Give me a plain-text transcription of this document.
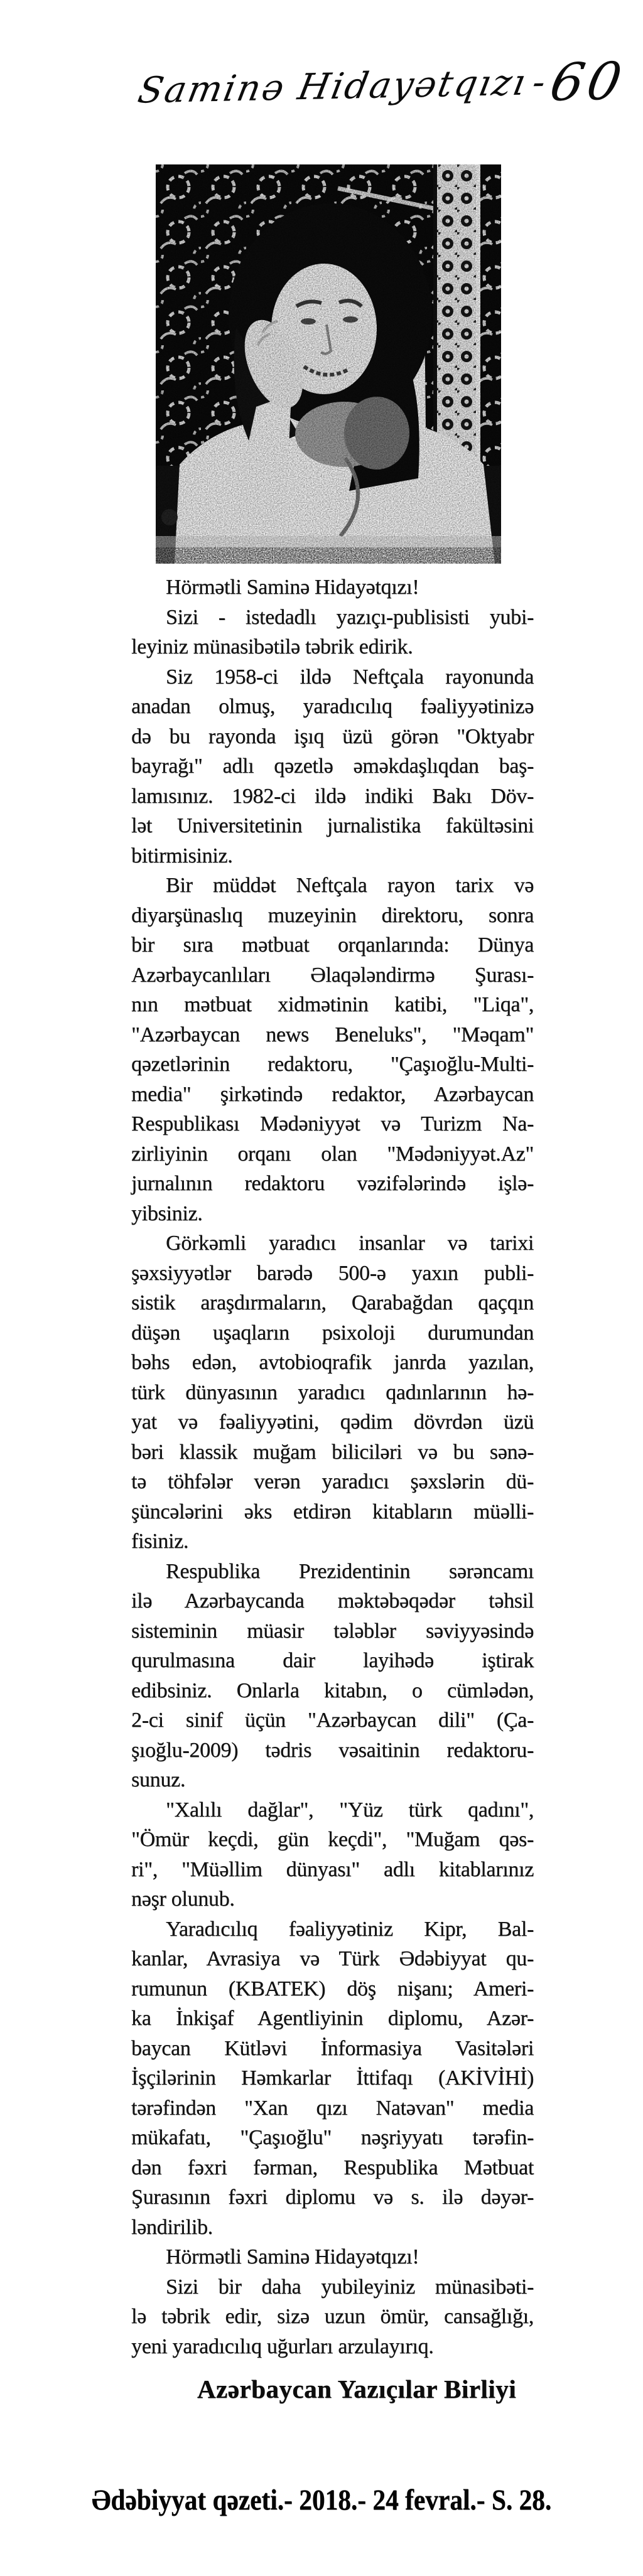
Saminə Hidayətqızı-60
Hörmətli Saminə Hidayətqızı!
Sizi - istedadlı yazıçı-publisisti yubi-
leyiniz münasibətilə təbrik edirik.
Siz 1958-ci ildə Neftçala rayonunda
anadan olmuş, yaradıcılıq fəaliyyətinizə
də bu rayonda işıq üzü görən "Oktyabr
bayrağı" adlı qəzetlə əməkdaşlıqdan baş-
lamısınız. 1982-ci ildə indiki Bakı Döv-
lət Universitetinin jurnalistika fakültəsini
bitirmisiniz.
Bir müddət Neftçala rayon tarix və
diyarşünaslıq muzeyinin direktoru, sonra
bir sıra mətbuat orqanlarında: Dünya
Azərbaycanlıları Əlaqələndirmə Şurası-
nın mətbuat xidmətinin katibi, "Liqa",
"Azərbaycan news Beneluks", "Məqam"
qəzetlərinin redaktoru, "Çaşıoğlu-Multi-
media" şirkətində redaktor, Azərbaycan
Respublikası Mədəniyyət və Turizm Na-
zirliyinin orqanı olan "Mədəniyyət.Az"
jurnalının redaktoru vəzifələrində işlə-
yibsiniz.
Görkəmli yaradıcı insanlar və tarixi
şəxsiyyətlər barədə 500-ə yaxın publi-
sistik araşdırmaların, Qarabağdan qaçqın
düşən uşaqların psixoloji durumundan
bəhs edən, avtobioqrafik janrda yazılan,
türk dünyasının yaradıcı qadınlarının hə-
yat və fəaliyyətini, qədim dövrdən üzü
bəri klassik muğam biliciləri və bu sənə-
tə töhfələr verən yaradıcı şəxslərin dü-
şüncələrini əks etdirən kitabların müəlli-
fisiniz.
Respublika Prezidentinin sərəncamı
ilə Azərbaycanda məktəbəqədər təhsil
sisteminin müasir tələblər səviyyəsində
qurulmasına dair layihədə iştirak
edibsiniz. Onlarla kitabın, o cümlədən,
2-ci sinif üçün "Azərbaycan dili" (Ça-
şıoğlu-2009) tədris vəsaitinin redaktoru-
sunuz.
"Xalılı dağlar", "Yüz türk qadını",
"Ömür keçdi, gün keçdi", "Muğam qəs-
ri", "Müəllim dünyası" adlı kitablarınız
nəşr olunub.
Yaradıcılıq fəaliyyətiniz Kipr, Bal-
kanlar, Avrasiya və Türk Ədəbiyyat qu-
rumunun (KBATEK) döş nişanı; Ameri-
ka İnkişaf Agentliyinin diplomu, Azər-
baycan Kütləvi İnformasiya Vasitələri
İşçilərinin Həmkarlar İttifaqı (AKİVİHİ)
tərəfindən "Xan qızı Natəvan" media
mükafatı, "Çaşıoğlu" nəşriyyatı tərəfin-
dən fəxri fərman, Respublika Mətbuat
Şurasının fəxri diplomu və s. ilə dəyər-
ləndirilib.
Hörmətli Saminə Hidayətqızı!
Sizi bir daha yubileyiniz münasibəti-
lə təbrik edir, sizə uzun ömür, cansağlığı,
yeni yaradıcılıq uğurları arzulayırıq.
Azərbaycan Yazıçılar Birliyi
Ədəbiyyat qəzeti.- 2018.- 24 fevral.- S. 28.
